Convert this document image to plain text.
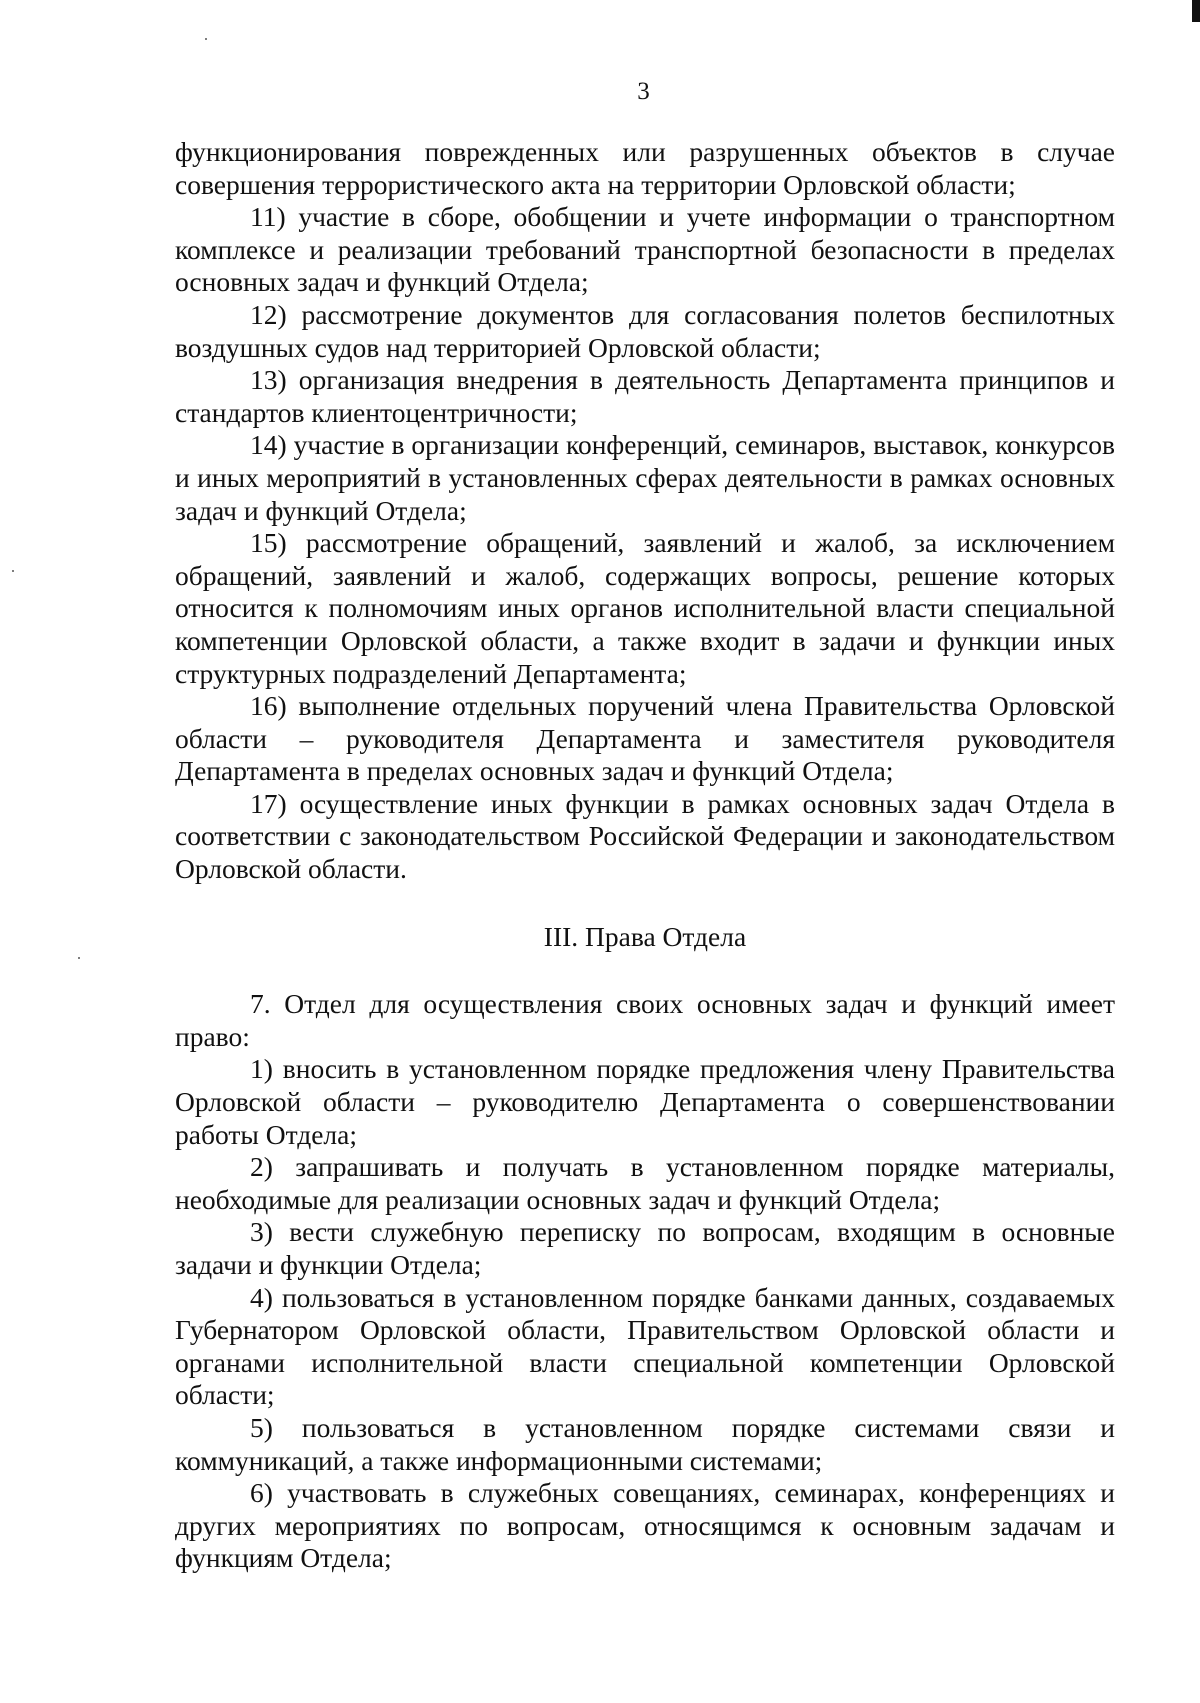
3

функционирования поврежденных или разрушенных объектов в случае совершения террористического акта на территории Орловской области;

11) участие в сборе, обобщении и учете информации о транспортном комплексе и реализации требований транспортной безопасности в пределах основных задач и функций Отдела;

12) рассмотрение документов для согласования полетов беспилотных воздушных судов над территорией Орловской области;

13) организация внедрения в деятельность Департамента принципов и стандартов клиентоцентричности;

14) участие в организации конференций, семинаров, выставок, конкурсов и иных мероприятий в установленных сферах деятельности в рамках основных задач и функций Отдела;

15) рассмотрение обращений, заявлений и жалоб, за исключением обращений, заявлений и жалоб, содержащих вопросы, решение которых относится к полномочиям иных органов исполнительной власти специальной компетенции Орловской области, а также входит в задачи и функции иных структурных подразделений Департамента;

16) выполнение отдельных поручений члена Правительства Орловской области – руководителя Департамента и заместителя руководителя Департамента в пределах основных задач и функций Отдела;

17) осуществление иных функции в рамках основных задач Отдела в соответствии с законодательством Российской Федерации и законодательством Орловской области.

III. Права Отдела

7. Отдел для осуществления своих основных задач и функций имеет право:

1) вносить в установленном порядке предложения члену Правительства Орловской области – руководителю Департамента о совершенствовании работы Отдела;

2) запрашивать и получать в установленном порядке материалы, необходимые для реализации основных задач и функций Отдела;

3) вести служебную переписку по вопросам, входящим в основные задачи и функции Отдела;

4) пользоваться в установленном порядке банками данных, создаваемых Губернатором Орловской области, Правительством Орловской области и органами исполнительной власти специальной компетенции Орловской области;

5) пользоваться в установленном порядке системами связи и коммуникаций, а также информационными системами;

6) участвовать в служебных совещаниях, семинарах, конференциях и других мероприятиях по вопросам, относящимся к основным задачам и функциям Отдела;
